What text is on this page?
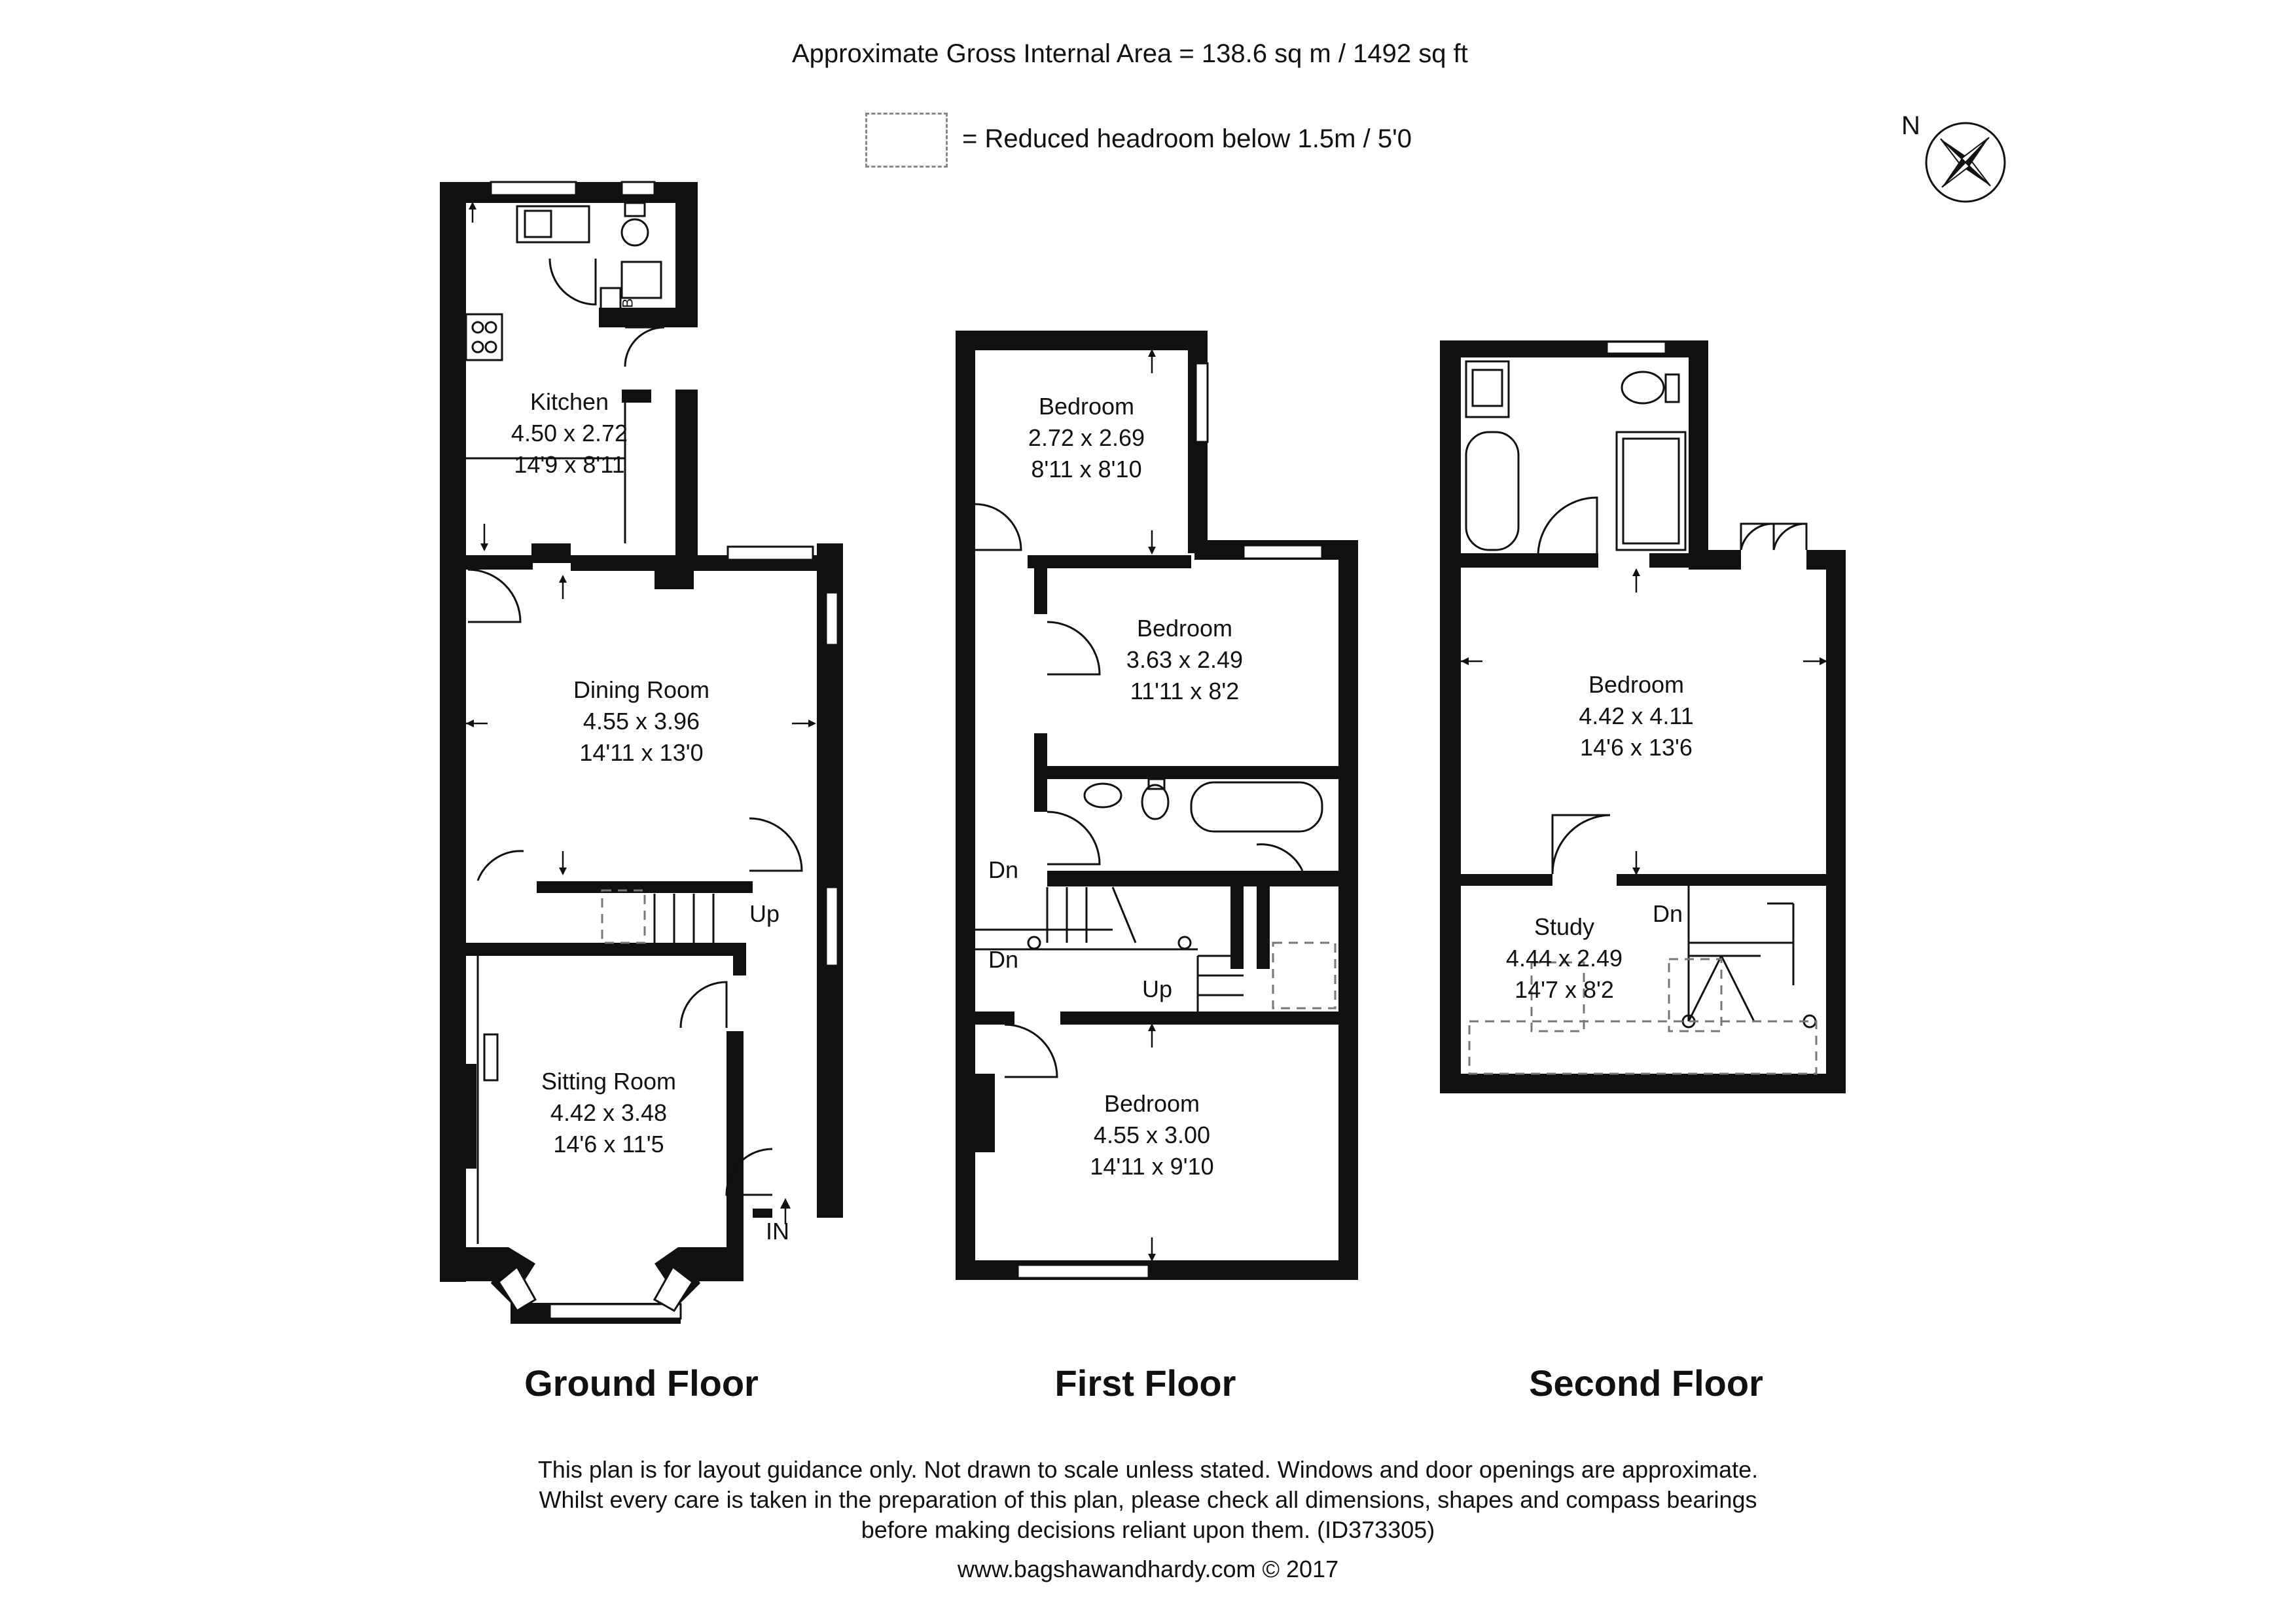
Approximate Gross Internal Area = 138.6 sq m / 1492 sq ft
= Reduced headroom below 1.5m / 5'0	N
Kitchen
4.50 x 2.72
14'9 x 8'11
Dining Room
4.55 x 3.96
14'11 x 13'0
Sitting Room
4.42 x 3.48
14'6 x 11'5
Up
IN
B
Ground Floor
Bedroom
2.72 x 2.69
8'11 x 8'10
Bedroom
3.63 x 2.49
11'11 x 8'2
Bedroom
4.55 x 3.00
14'11 x 9'10
Dn
Dn
Up
First Floor
Bedroom
4.42 x 4.11
14'6 x 13'6
Study
4.44 x 2.49
14'7 x 8'2
Dn
Second Floor
This plan is for layout guidance only. Not drawn to scale unless stated. Windows and door openings are approximate.
Whilst every care is taken in the preparation of this plan, please check all dimensions, shapes and compass bearings
before making decisions reliant upon them. (ID373305)
www.bagshawandhardy.com © 2017
